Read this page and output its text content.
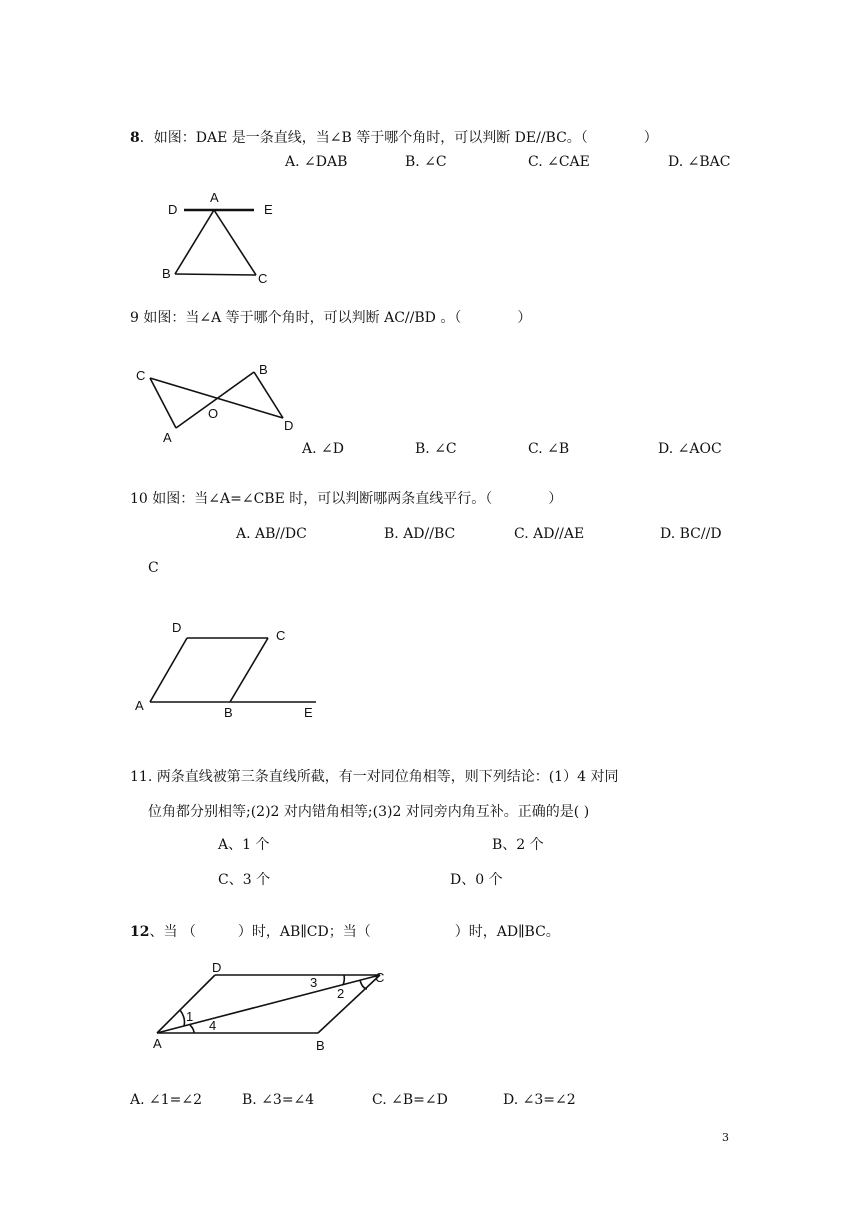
8．如图：DAE 是一条直线，当∠B 等于哪个角时，可以判断 DE//BC。（　　　　）
A. ∠DAB	B. ∠C	C. ∠CAE	D. ∠BAC
D
A
E
B	C
9 如图：当∠A 等于哪个角时，可以判断 AC//BD 。（　　　　）
C	B
O
A
D
A. ∠D	B. ∠C	C. ∠B	D. ∠AOC
10 如图：当∠A=∠CBE 时，可以判断哪两条直线平行。（　　　　）
A. AB//DC	B. AD//BC	C. AD//AE	D. BC//D
C
D
C
A	B	E
11. 两条直线被第三条直线所截，有一对同位角相等，则下列结论：(1）4 对同
位角都分别相等;(2)2 对内错角相等;(3)2 对同旁内角互补。正确的是( )
A、1 个	B、2 个
C、3 个	D、0 个
12、当 （　　　）时，AB∥CD；当（　　　　　　）时，AD∥BC。
D
C
A	B
1
2
3
4
A. ∠1=∠2	B. ∠3=∠4	C. ∠B=∠D	D. ∠3=∠2
3
